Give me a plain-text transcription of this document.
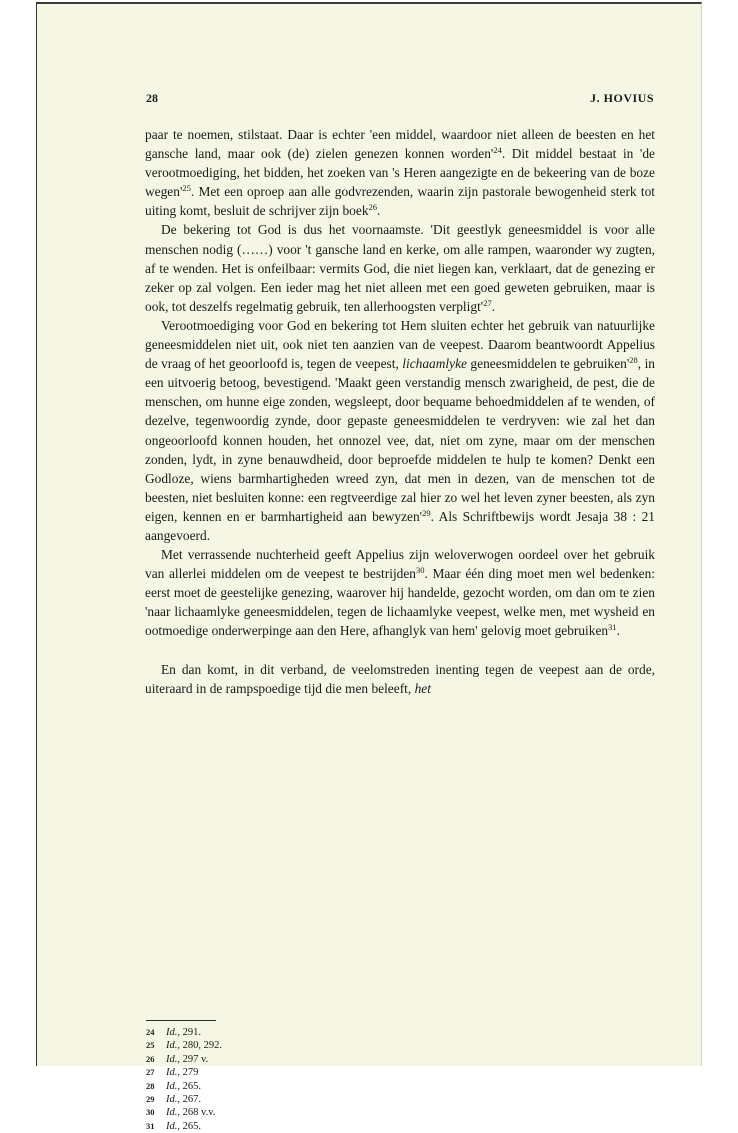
28	J. HOVIUS

paar te noemen, stilstaat. Daar is echter 'een middel, waardoor niet alleen de beesten en het gansche land, maar ook (de) zielen genezen konnen $worden'^{24}$. Dit middel bestaat in 'de verootmoediging, het bidden, het zoeken van 's Heren aangezigte en de bekeering van de boze $wegen'^{25}$. Met een oproep aan alle godvrezenden, waarin zijn pastorale bewogenheid sterk tot uiting komt, besluit de schrijver zijn boek$^{26}$.

De bekering tot God is dus het voornaamste. 'Dit geestlyk geneesmiddel is voor alle menschen nodig (……) voor 't gansche land en kerke, om alle rampen, waaronder wy zugten, af te wenden. Het is onfeilbaar: vermits God, die niet liegen kan, verklaart, dat de genezing er zeker op zal volgen. Een ieder mag het niet alleen met een goed geweten gebruiken, maar is ook, tot deszelfs regelmatig gebruik, ten allerhoogsten $verpligt'^{27}$.

Verootmoediging voor God en bekering tot Hem sluiten echter het gebruik van natuurlijke geneesmiddelen niet uit, ook niet ten aanzien van de veepest. Daarom beantwoordt Appelius de vraag of het geoorloofd is, tegen de veepest, lichaamlyke geneesmiddelen te $gebruiken'^{28}$, in een uitvoerig betoog, bevestigend. 'Maakt geen verstandig mensch zwarigheid, de pest, die de menschen, om hunne eige zonden, wegsleept, door bequame behoedmiddelen af te wenden, of dezelve, tegenwoordig zynde, door gepaste geneesmiddelen te verdryven: wie zal het dan ongeoorloofd konnen houden, het onnozel vee, dat, niet om zyne, maar om der menschen zonden, lydt, in zyne benauwdheid, door beproefde middelen te hulp te komen? Denkt een Godloze, wiens barmhartigheden wreed zyn, dat men in dezen, van de menschen tot de beesten, niet besluiten konne: een regtveerdige zal hier zo wel het leven zyner beesten, als zyn eigen, kennen en er barmhartigheid aan $bewyzen'^{29}$. Als Schriftbewijs wordt Jesaja 38 : 21 aangevoerd.

Met verrassende nuchterheid geeft Appelius zijn weloverwogen oordeel over het gebruik van allerlei middelen om de veepest te bestrijden$^{30}$. Maar één ding moet men wel bedenken: eerst moet de geestelijke genezing, waarover hij handelde, gezocht worden, om dan om te zien 'naar lichaamlyke geneesmiddelen, tegen de lichaamlyke veepest, welke men, met wysheid en ootmoedige onderwerpinge aan den Here, afhanglyk van hem' gelovig moet gebruiken$^{31}$.

En dan komt, in dit verband, de veelomstreden inenting tegen de veepest aan de orde, uiteraard in de rampspoedige tijd die men beleeft, het

24 Id., 291.
25 Id., 280, 292.
26 Id., 297 v.
27 Id., 279
28 Id., 265.
29 Id., 267.
30 Id., 268 v.v.
31 Id., 265.
